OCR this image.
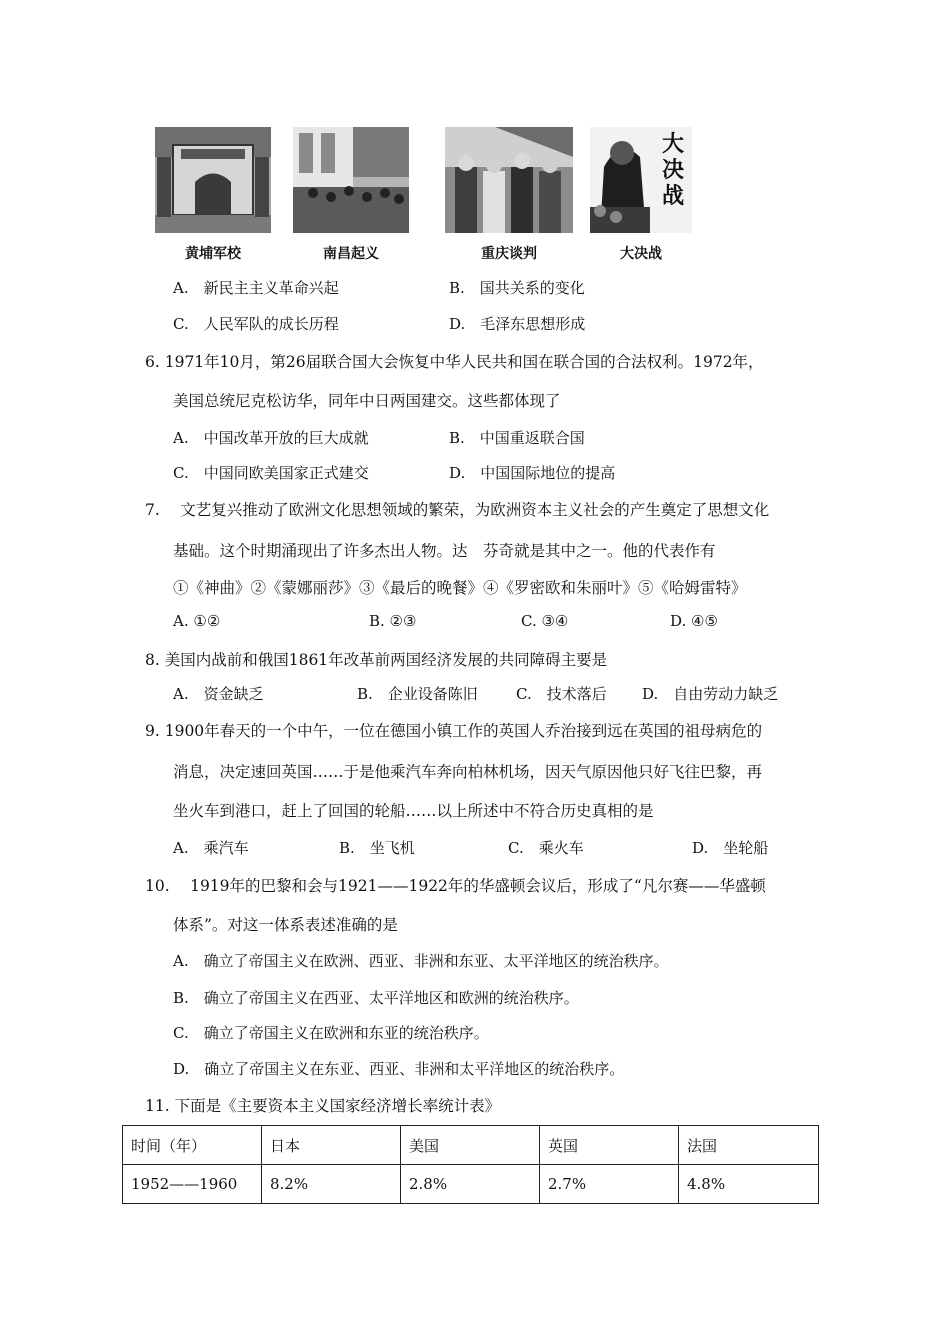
大决战
黄埔军校	南昌起义	重庆谈判	大决战
A.　新民主主义革命兴起	B.　国共关系的变化
C.　人民军队的成长历程	D.　毛泽东思想形成
6. 1971年10月，第26届联合国大会恢复中华人民共和国在联合国的合法权利。1972年，
美国总统尼克松访华，同年中日两国建交。这些都体现了
A.　中国改革开放的巨大成就	B.　中国重返联合国
C.　中国同欧美国家正式建交	D.　中国国际地位的提高
7.　 文艺复兴推动了欧洲文化思想领域的繁荣，为欧洲资本主义社会的产生奠定了思想文化
基础。这个时期涌现出了许多杰出人物。达　芬奇就是其中之一。他的代表作有
①《神曲》②《蒙娜丽莎》③《最后的晚餐》④《罗密欧和朱丽叶》⑤《哈姆雷特》
A. ①②	B. ②③	C. ③④	D. ④⑤
8. 美国内战前和俄国1861年改革前两国经济发展的共同障碍主要是
A.　资金缺乏	B.　企业设备陈旧	C.　技术落后 D.　自由劳动力缺乏
9. 1900年春天的一个中午，一位在德国小镇工作的英国人乔治接到远在英国的祖母病危的
消息，决定速回英国……于是他乘汽车奔向柏林机场，因天气原因他只好飞往巴黎，再
坐火车到港口，赶上了回国的轮船……以上所述中不符合历史真相的是
A.　乘汽车	B.　坐飞机	C.　乘火车	D.　坐轮船
10.　 1919年的巴黎和会与1921——1922年的华盛顿会议后，形成了“凡尔赛——华盛顿
体系”。对这一体系表述准确的是
A.　确立了帝国主义在欧洲、西亚、非洲和东亚、太平洋地区的统治秩序。
B.　确立了帝国主义在西亚、太平洋地区和欧洲的统治秩序。
C.　确立了帝国主义在欧洲和东亚的统治秩序。
D.　确立了帝国主义在东亚、西亚、非洲和太平洋地区的统治秩序。
11. 下面是《主要资本主义国家经济增长率统计表》
时间（年）	日本	美国	英国	法国
1952——1960	8.2%	2.8%	2.7%	4.8%
